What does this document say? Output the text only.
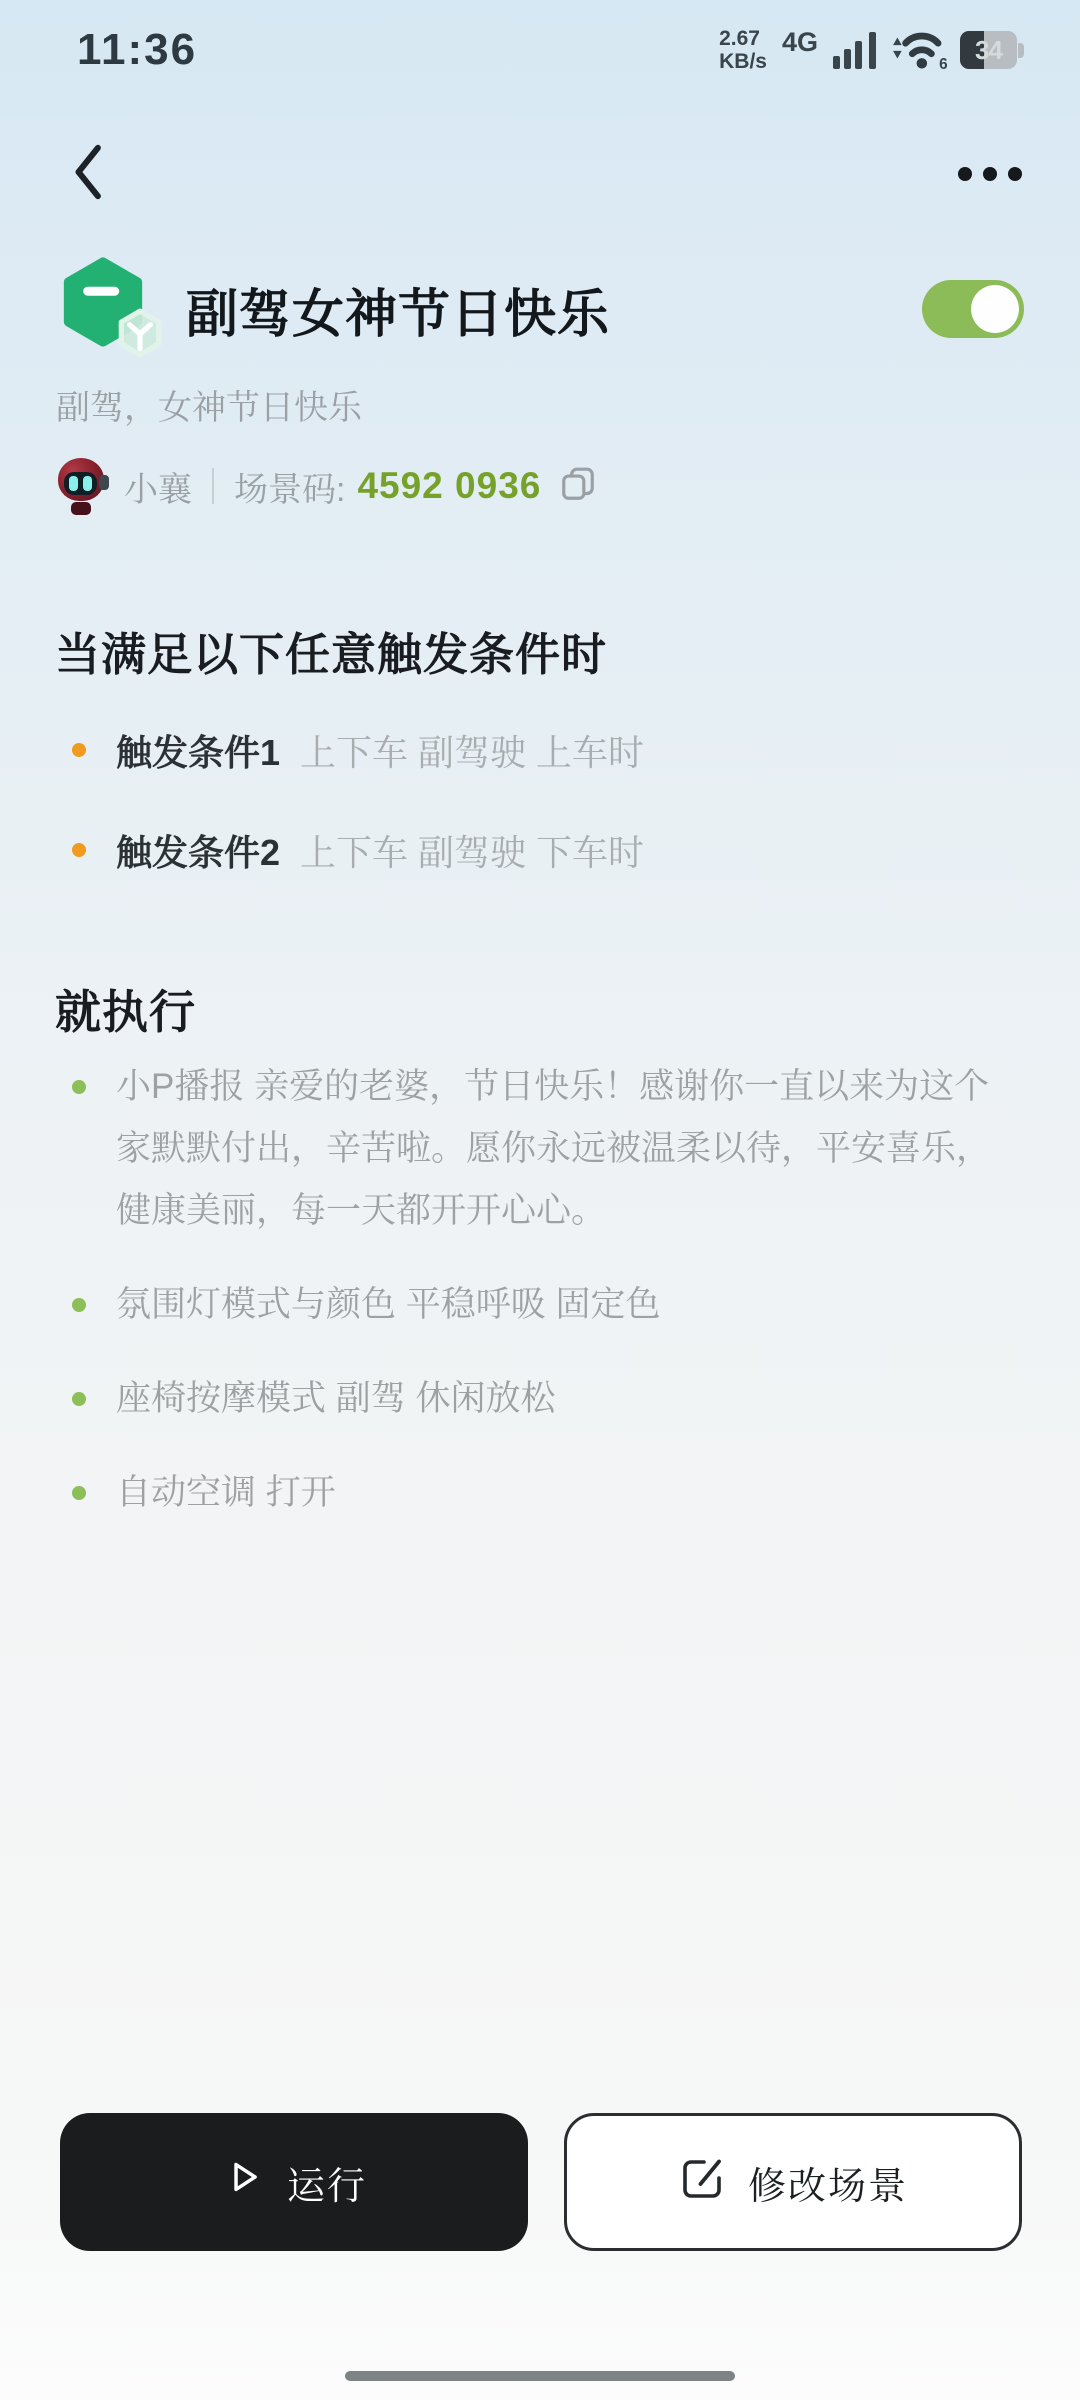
11:36	2.67
KB/s
4G
6	34
副驾女神节日快乐
副驾，女神节日快乐
小襄 场景码: 4592 0936
当满足以下任意触发条件时
触发条件1 上下车 副驾驶 上车时
触发条件2 上下车 副驾驶 下车时
就执行
小P播报 亲爱的老婆，节日快乐！感谢你一直以来为这个家默默付出，辛苦啦。愿你永远被温柔以待，平安喜乐，健康美丽，每一天都开开心心。
氛围灯模式与颜色 平稳呼吸 固定色
座椅按摩模式 副驾 休闲放松
自动空调 打开
运行	修改场景
